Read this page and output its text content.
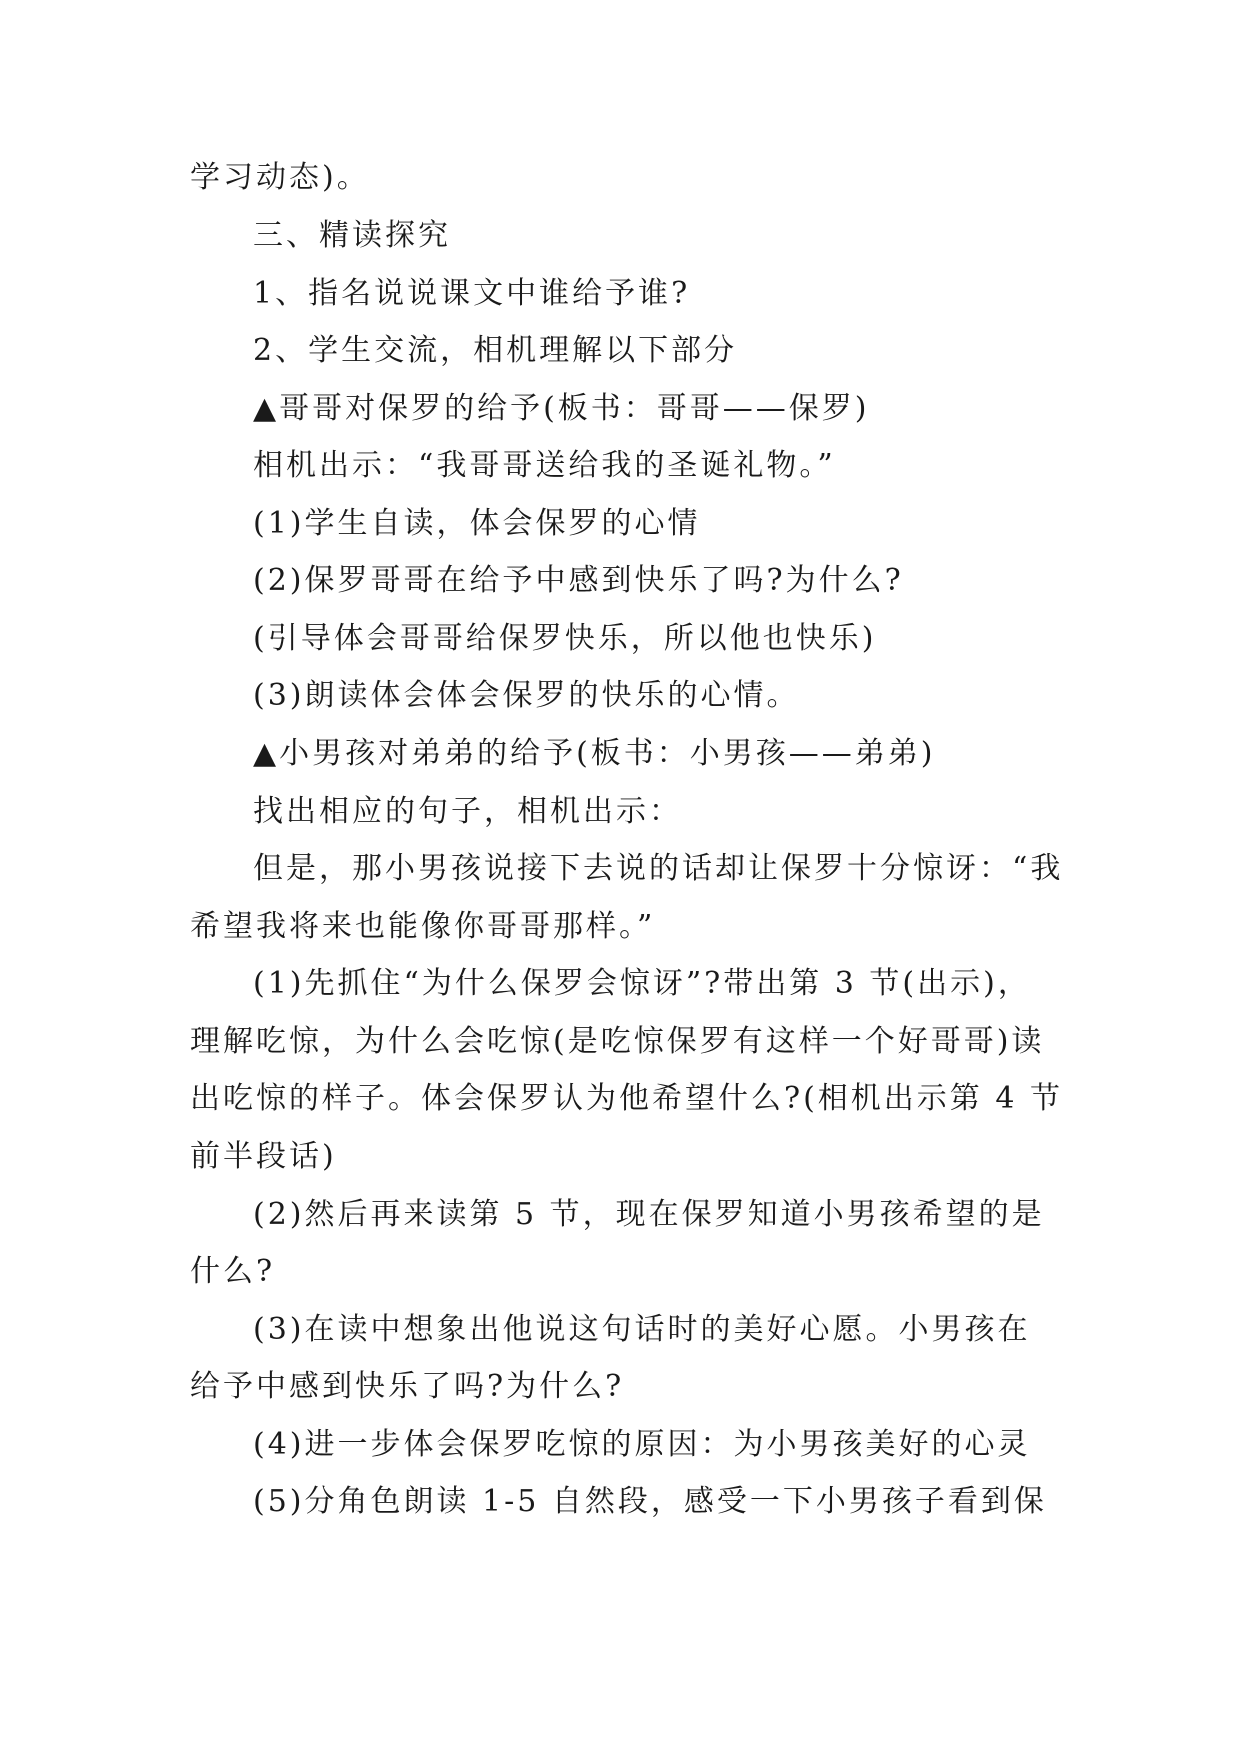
学习动态)。
三、精读探究
1、指名说说课文中谁给予谁?
2、学生交流，相机理解以下部分
▲哥哥对保罗的给予(板书：哥哥——保罗)
相机出示：“我哥哥送给我的圣诞礼物。”
(1)学生自读，体会保罗的心情
(2)保罗哥哥在给予中感到快乐了吗?为什么?
(引导体会哥哥给保罗快乐，所以他也快乐)
(3)朗读体会体会保罗的快乐的心情。
▲小男孩对弟弟的给予(板书：小男孩——弟弟)
找出相应的句子，相机出示：
但是，那小男孩说接下去说的话却让保罗十分惊讶：“我
希望我将来也能像你哥哥那样。”
(1)先抓住“为什么保罗会惊讶”?带出第 3 节(出示)，
理解吃惊，为什么会吃惊(是吃惊保罗有这样一个好哥哥)读
出吃惊的样子。体会保罗认为他希望什么?(相机出示第 4 节
前半段话)
(2)然后再来读第 5 节，现在保罗知道小男孩希望的是
什么?
(3)在读中想象出他说这句话时的美好心愿。小男孩在
给予中感到快乐了吗?为什么?
(4)进一步体会保罗吃惊的原因：为小男孩美好的心灵
(5)分角色朗读 1-5 自然段，感受一下小男孩子看到保
